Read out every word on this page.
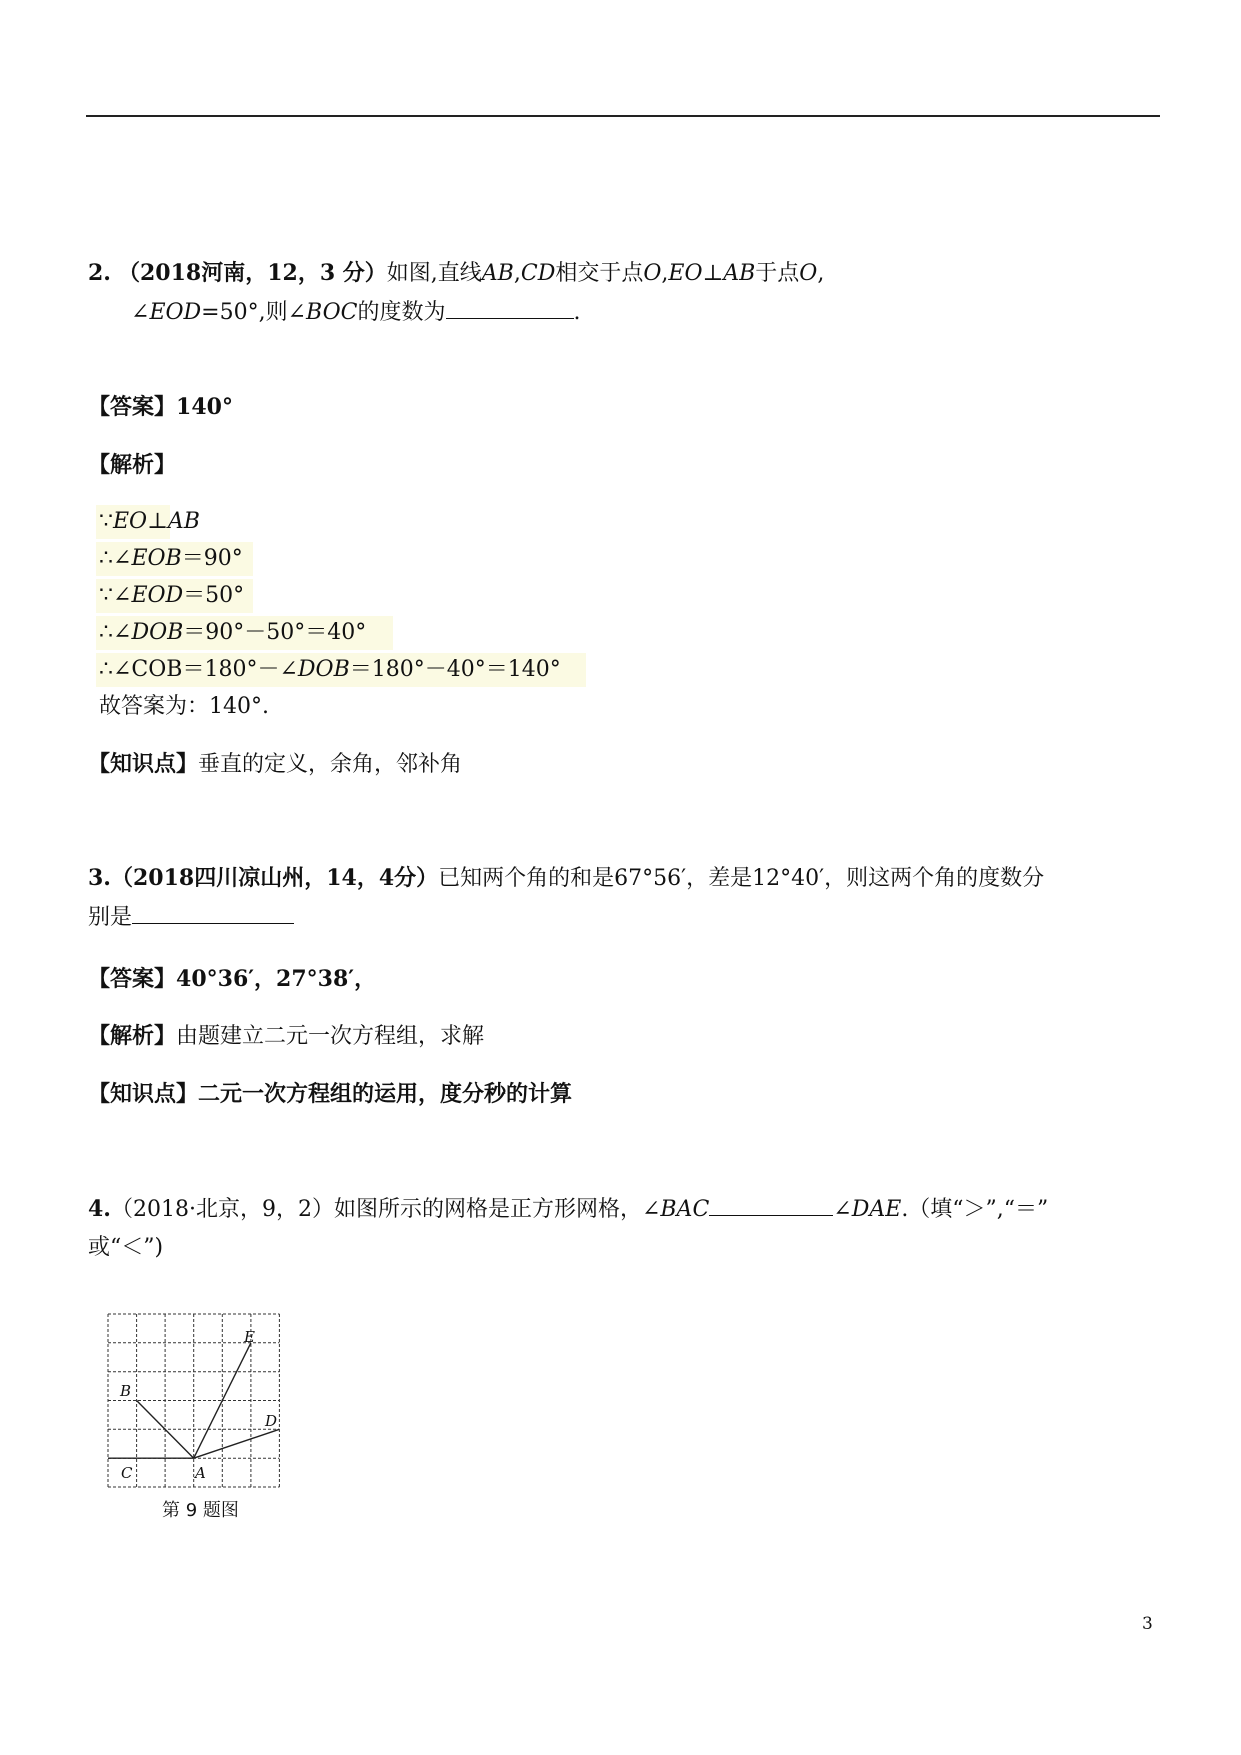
2. （2018河南，12，3 分）如图,直线AB,CD相交于点O,EO⊥AB于点O,
∠EOD=50°,则∠BOC的度数为	.
【答案】140°
【解析】
∵EO⊥AB
∴∠EOB＝90°
∵∠EOD＝50°
∴∠DOB＝90°－50°＝40°
∴∠COB＝180°－∠DOB＝180°－40°＝140°
故答案为：140°.
【知识点】垂直的定义，余角，邻补角
3.（2018四川凉山州，14，4分）已知两个角的和是67°56′，差是12°40′，则这两个角的度数分
别是
【答案】40°36′，27°38′，
【解析】由题建立二元一次方程组，求解
【知识点】二元一次方程组的运用，度分秒的计算
4.（2018·北京，9，2）如图所示的网格是正方形网格，∠BAC	∠DAE.（填“＞”,“＝”
或“＜”)
B
E
D
C	A
第 9 题图
3
